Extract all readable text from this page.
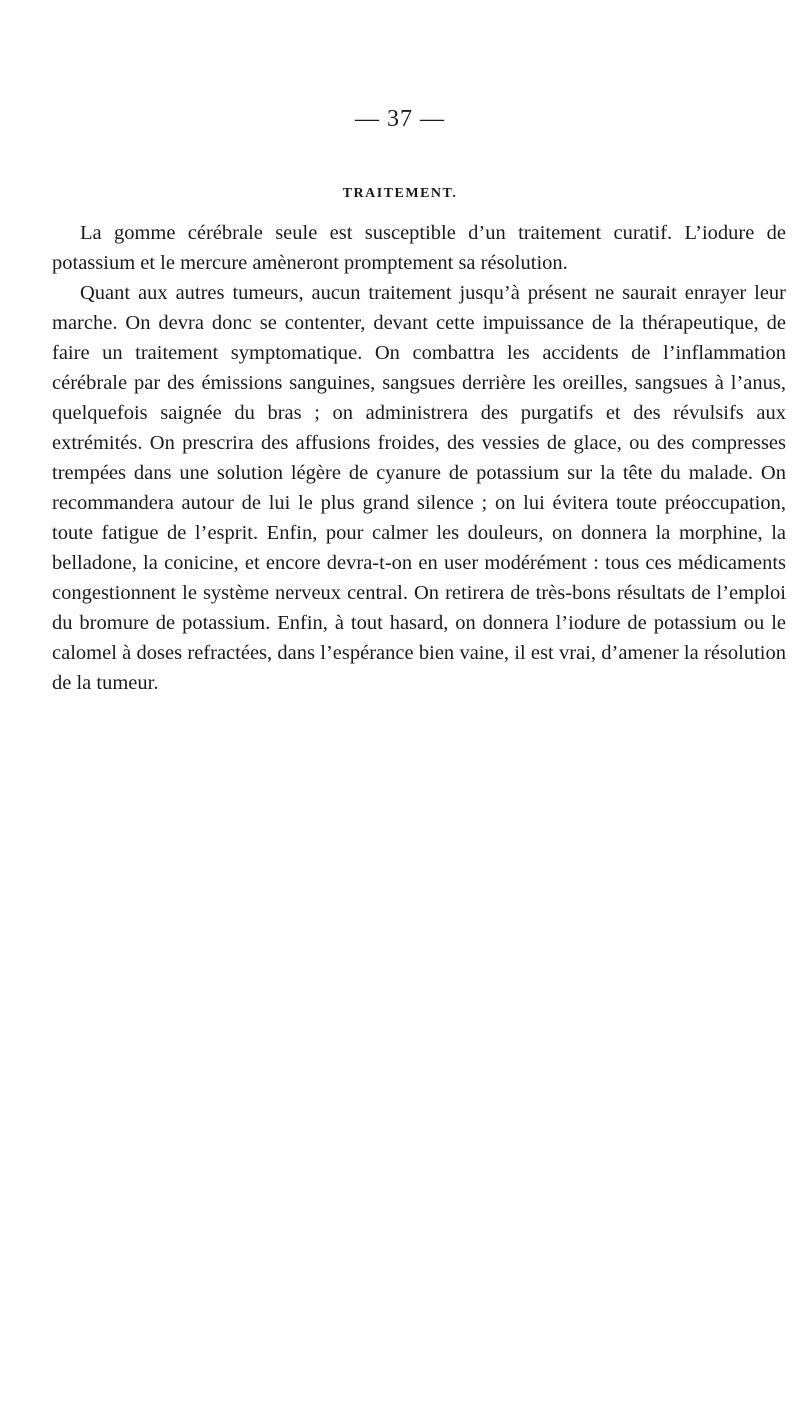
— 37 —
TRAITEMENT.

La gomme cérébrale seule est susceptible d’un traitement curatif. L’iodure de potassium et le mercure amèneront promptement sa résolution.

Quant aux autres tumeurs, aucun traitement jusqu’à présent ne saurait enrayer leur marche. On devra donc se contenter, devant cette impuissance de la thérapeutique, de faire un traitement symptomatique. On combattra les accidents de l’inflammation cérébrale par des émissions sanguines, sangsues derrière les oreilles, sangsues à l’anus, quelquefois saignée du bras ; on administrera des purgatifs et des révulsifs aux extrémités. On prescrira des affusions froides, des vessies de glace, ou des compresses trempées dans une solution légère de cyanure de potassium sur la tête du malade. On recommandera autour de lui le plus grand silence ; on lui évitera toute préoccupation, toute fatigue de l’esprit. Enfin, pour calmer les douleurs, on donnera la morphine, la belladone, la conicine, et encore devra-t-on en user modérément : tous ces médicaments congestionnent le système nerveux central. On retirera de très-bons résultats de l’emploi du bromure de potassium. Enfin, à tout hasard, on donnera l’iodure de potassium ou le calomel à doses refractées, dans l’espérance bien vaine, il est vrai, d’amener la résolution de la tumeur.
